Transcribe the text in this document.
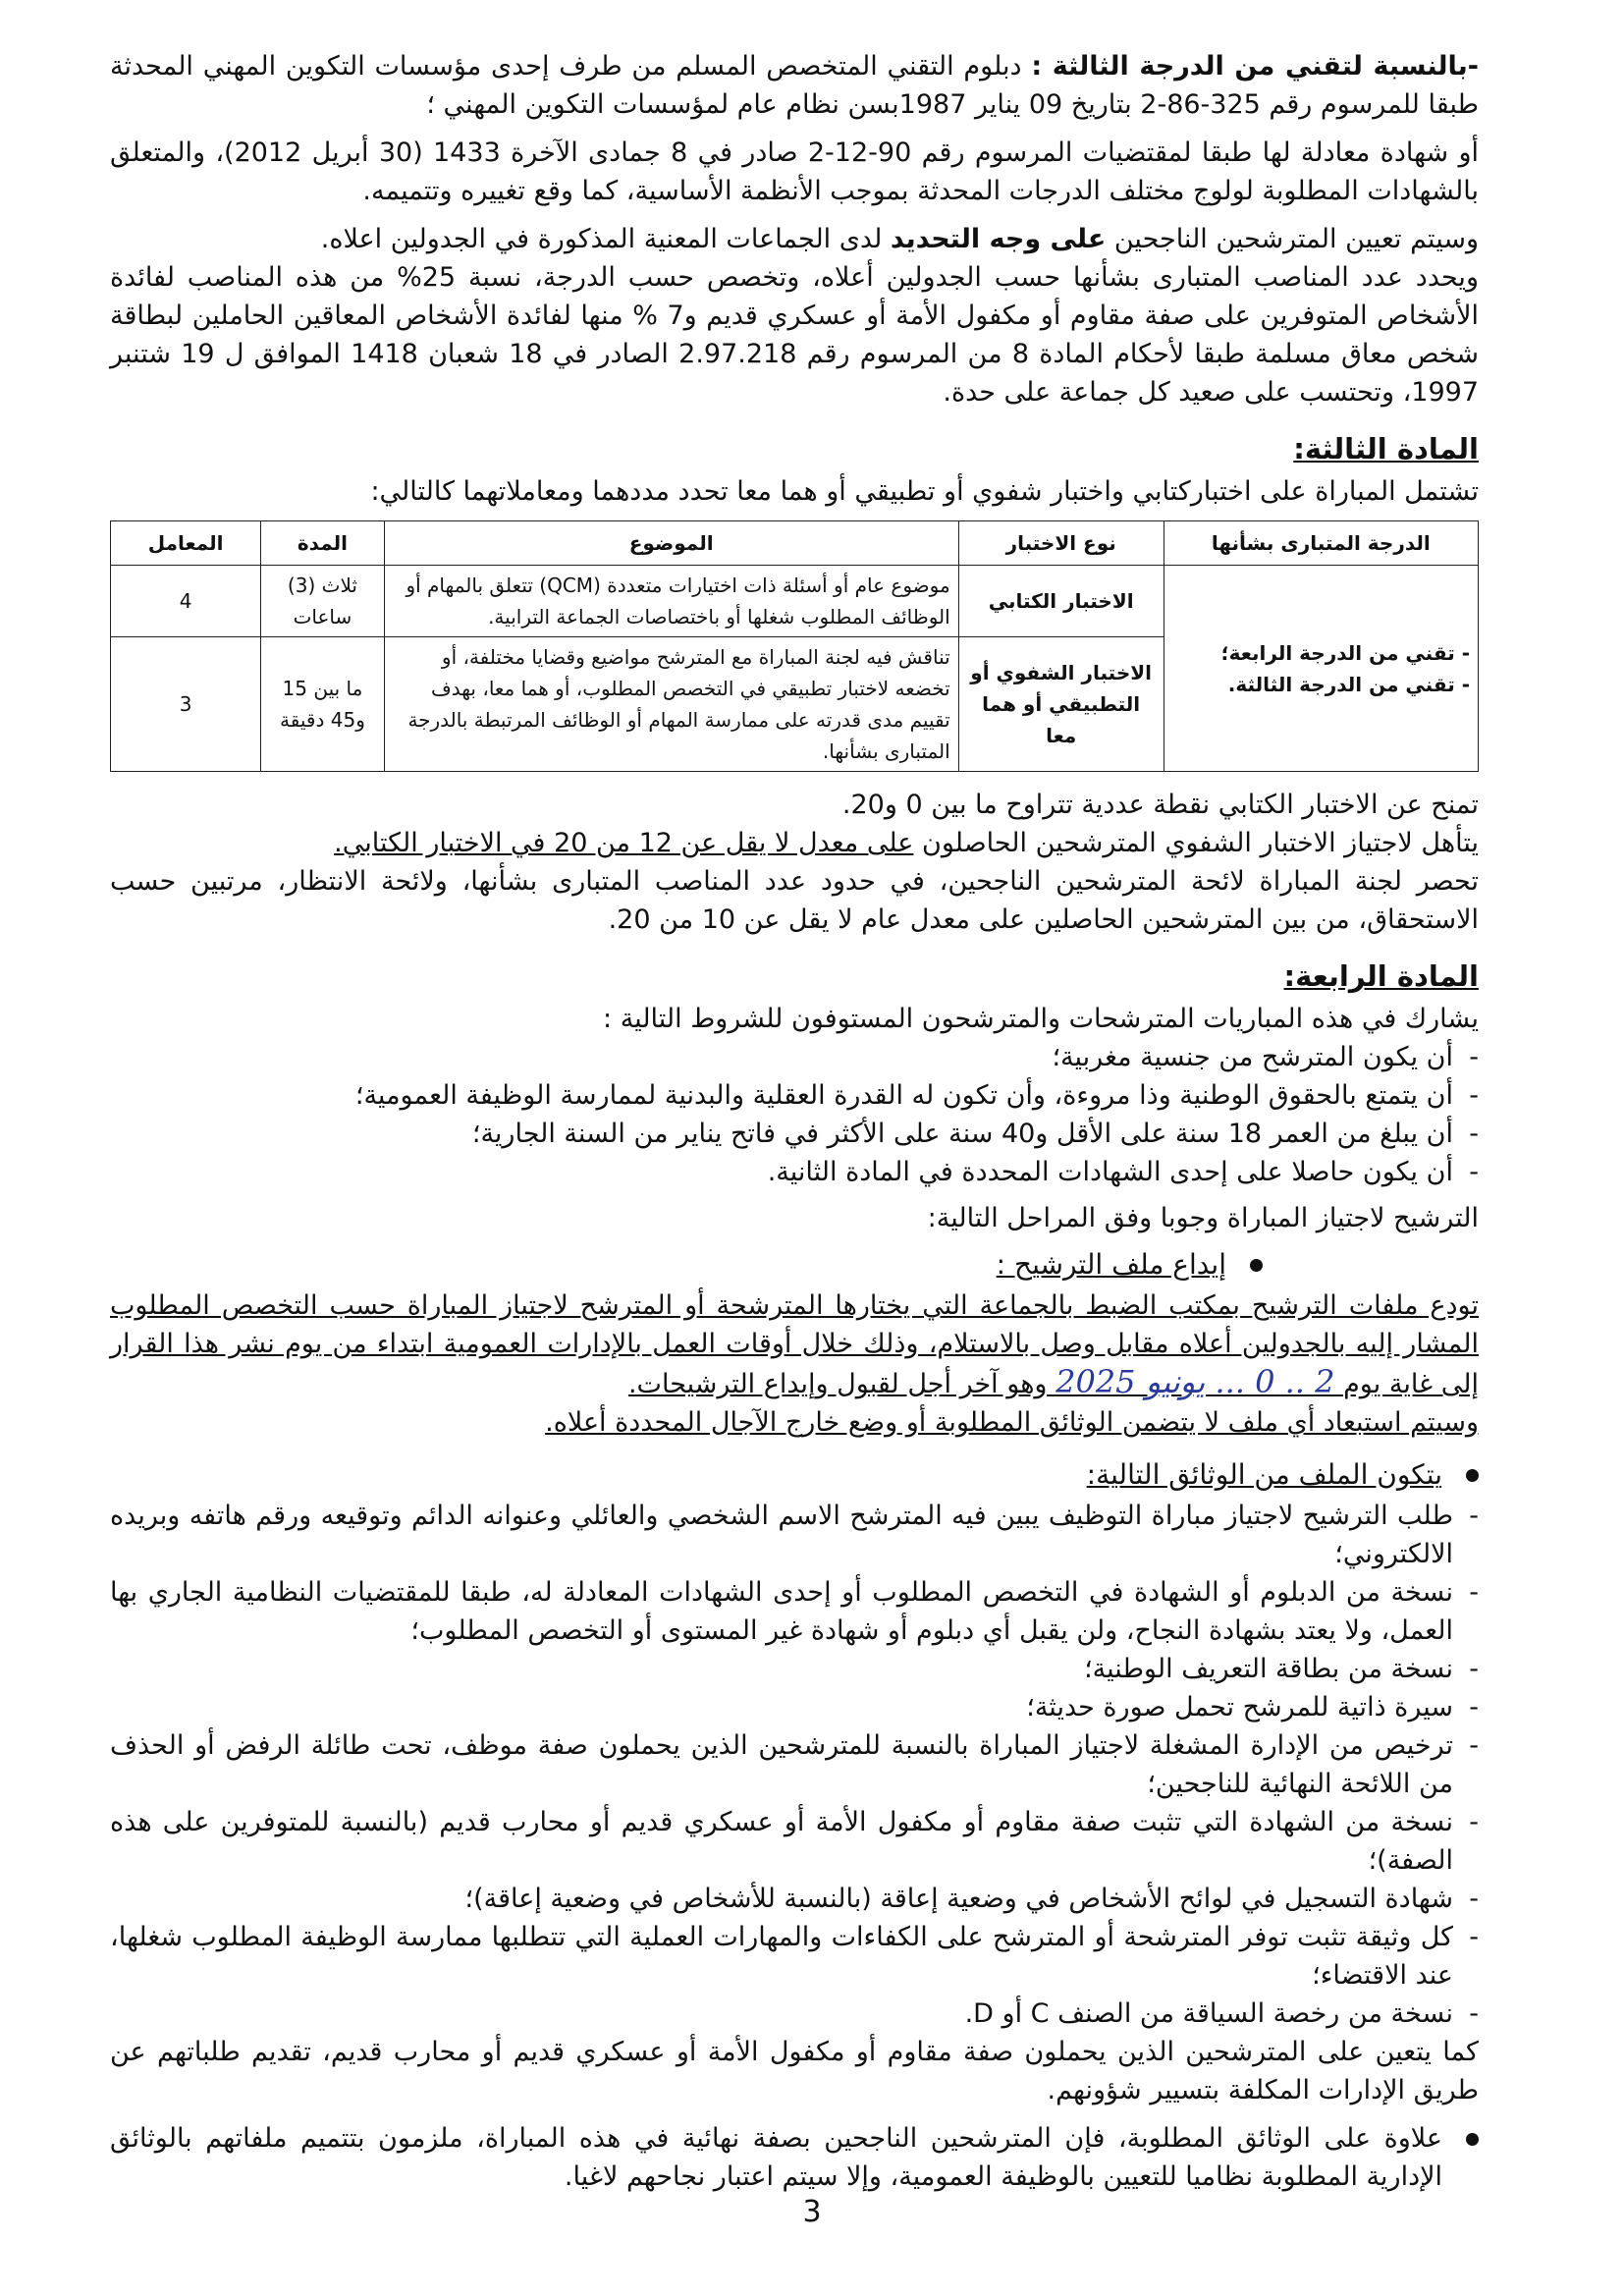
-بالنسبة لتقني من الدرجة الثالثة : دبلوم التقني المتخصص المسلم من طرف إحدى مؤسسات التكوين المهني المحدثة طبقا للمرسوم رقم 325-86-2 بتاريخ 09 يناير 1987بسن نظام عام لمؤسسات التكوين المهني ؛

أو شهادة معادلة لها طبقا لمقتضيات المرسوم رقم 90-12-2 صادر في 8 جمادى الآخرة 1433 (30 أبريل 2012)، والمتعلق بالشهادات المطلوبة لولوج مختلف الدرجات المحدثة بموجب الأنظمة الأساسية، كما وقع تغييره وتتميمه.

وسيتم تعيين المترشحين الناجحين على وجه التحديد لدى الجماعات المعنية المذكورة في الجدولين اعلاه.

ويحدد عدد المناصب المتبارى بشأنها حسب الجدولين أعلاه، وتخصص حسب الدرجة، نسبة 25% من هذه المناصب لفائدة الأشخاص المتوفرين على صفة مقاوم أو مكفول الأمة أو عسكري قديم و7 % منها لفائدة الأشخاص المعاقين الحاملين لبطاقة شخص معاق مسلمة طبقا لأحكام المادة 8 من المرسوم رقم 2.97.218 الصادر في 18 شعبان 1418 الموافق ل 19 شتنبر 1997، وتحتسب على صعيد كل جماعة على حدة.

المادة الثالثة:

تشتمل المباراة على اختباركتابي واختبار شفوي أو تطبيقي أو هما معا تحدد مددهما ومعاملاتهما كالتالي:

الدرجة المتبارى بشأنها	نوع الاختبار	الموضوع	المدة	المعامل

- تقني من الدرجة الرابعة؛
- تقني من الدرجة الثالثة.	الاختبار الكتابي	موضوع عام أو أسئلة ذات اختيارات متعددة (QCM) تتعلق بالمهام أو الوظائف المطلوب شغلها أو باختصاصات الجماعة الترابية.	ثلاث (3) ساعات	4
	الاختبار الشفوي أو التطبيقي أو هما معا	تناقش فيه لجنة المباراة مع المترشح مواضيع وقضايا مختلفة، أو تخضعه لاختبار تطبيقي في التخصص المطلوب، أو هما معا، بهدف تقييم مدى قدرته على ممارسة المهام أو الوظائف المرتبطة بالدرجة المتبارى بشأنها.	ما بين 15 و45 دقيقة	3

تمنح عن الاختبار الكتابي نقطة عددية تتراوح ما بين 0 و20.

يتأهل لاجتياز الاختبار الشفوي المترشحين الحاصلون على معدل لا يقل عن 12 من 20 في الاختبار الكتابي.

تحصر لجنة المباراة لائحة المترشحين الناجحين، في حدود عدد المناصب المتبارى بشأنها، ولائحة الانتظار، مرتبين حسب الاستحقاق، من بين المترشحين الحاصلين على معدل عام لا يقل عن 10 من 20.

المادة الرابعة:

يشارك في هذه المباريات المترشحات والمترشحون المستوفون للشروط التالية :

- أن يكون المترشح من جنسية مغربية؛
- أن يتمتع بالحقوق الوطنية وذا مروءة، وأن تكون له القدرة العقلية والبدنية لممارسة الوظيفة العمومية؛
- أن يبلغ من العمر 18 سنة على الأقل و40 سنة على الأكثر في فاتح يناير من السنة الجارية؛
- أن يكون حاصلا على إحدى الشهادات المحددة في المادة الثانية.

الترشيح لاجتياز المباراة وجوبا وفق المراحل التالية:

إيداع ملف الترشيح :

تودع ملفات الترشيح بمكتب الضبط بالجماعة التي يختارها المترشحة أو المترشح لاجتياز المباراة حسب التخصص المطلوب المشار إليه بالجدولين أعلاه مقابل وصل بالاستلام، وذلك خلال أوقات العمل بالإدارات العمومية ابتداء من يوم نشر هذا القرار إلى غاية يوم 2 .. 0 ... يونيو 2025 وهو آخر أجل لقبول وإيداع الترشيحات.

وسيتم استبعاد أي ملف لا يتضمن الوثائق المطلوبة أو وضع خارج الآجال المحددة أعلاه.

يتكون الملف من الوثائق التالية:
- طلب الترشيح لاجتياز مباراة التوظيف يبين فيه المترشح الاسم الشخصي والعائلي وعنوانه الدائم وتوقيعه ورقم هاتفه وبريده الالكتروني؛
- نسخة من الدبلوم أو الشهادة في التخصص المطلوب أو إحدى الشهادات المعادلة له، طبقا للمقتضيات النظامية الجاري بها العمل، ولا يعتد بشهادة النجاح، ولن يقبل أي دبلوم أو شهادة غير المستوى أو التخصص المطلوب؛
- نسخة من بطاقة التعريف الوطنية؛
- سيرة ذاتية للمرشح تحمل صورة حديثة؛
- ترخيص من الإدارة المشغلة لاجتياز المباراة بالنسبة للمترشحين الذين يحملون صفة موظف، تحت طائلة الرفض أو الحذف من اللائحة النهائية للناجحين؛
- نسخة من الشهادة التي تثبت صفة مقاوم أو مكفول الأمة أو عسكري قديم أو محارب قديم (بالنسبة للمتوفرين على هذه الصفة)؛
- شهادة التسجيل في لوائح الأشخاص في وضعية إعاقة (بالنسبة للأشخاص في وضعية إعاقة)؛
- كل وثيقة تثبت توفر المترشحة أو المترشح على الكفاءات والمهارات العملية التي تتطلبها ممارسة الوظيفة المطلوب شغلها، عند الاقتضاء؛
- نسخة من رخصة السياقة من الصنف C أو D.

كما يتعين على المترشحين الذين يحملون صفة مقاوم أو مكفول الأمة أو عسكري قديم أو محارب قديم، تقديم طلباتهم عن طريق الإدارات المكلفة بتسيير شؤونهم.

علاوة على الوثائق المطلوبة، فإن المترشحين الناجحين بصفة نهائية في هذه المباراة، ملزمون بتتميم ملفاتهم بالوثائق الإدارية المطلوبة نظاميا للتعيين بالوظيفة العمومية، وإلا سيتم اعتبار نجاحهم لاغيا.
3
